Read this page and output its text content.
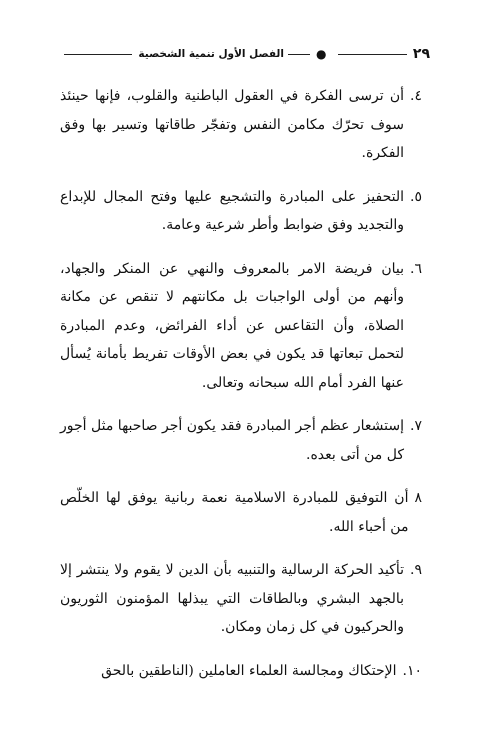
٢٩
●
الفصل الأول تنمية الشخصية
٤.
أن ترسى الفكرة في العقول الباطنية والقلوب، فإنها حينئذ سوف تحرّك مكامن النفس وتفجّر طاقاتها وتسير بها وفق الفكرة.
٥.
التحفيز على المبادرة والتشجيع عليها وفتح المجال للإبداع والتجديد وفق ضوابط وأطر شرعية وعامة.
٦.
بيان فريضة الامر بالمعروف والنهي عن المنكر والجهاد، وأنهم من أولى الواجبات بل مكانتهم لا تنقص عن مكانة الصلاة، وأن التقاعس عن أداء الفرائض، وعدم المبادرة لتحمل تبعاتها قد يكون في بعض الأوقات تفريط بأمانة يُسأل عنها الفرد أمام الله سبحانه وتعالى.
٧.
إستشعار عظم أجر المبادرة فقد يكون أجر صاحبها مثل أجور كل من أتى بعده.
٨
أن التوفيق للمبادرة الاسلامية نعمة ربانية يوفق لها الخلّص من أحباء الله.
٩.
تأكيد الحركة الرسالية والتنبيه بأن الدين لا يقوم ولا ينتشر إلا بالجهد البشري وبالطاقات التي يبذلها المؤمنون الثوريون والحركيون في كل زمان ومكان.
١٠.
الإحتكاك ومجالسة العلماء العاملين (الناطقين بالحق
